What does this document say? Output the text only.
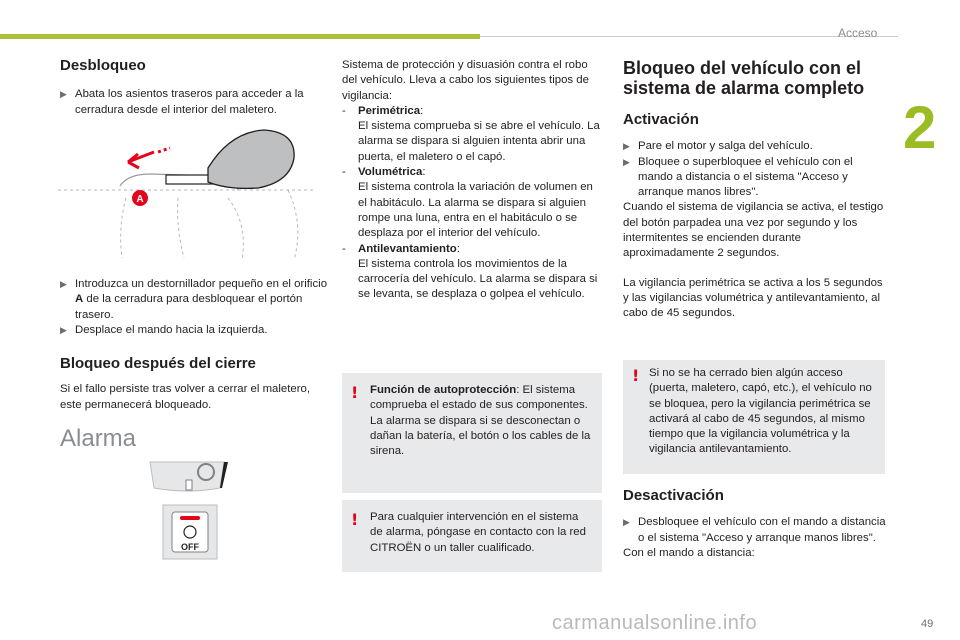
Acceso
2
Desbloqueo
▶ Abata los asientos traseros para acceder a la cerradura desde el interior del maletero.
A
▶ Introduzca un destornillador pequeño en el orificio A de la cerradura para desbloquear el portón trasero.
▶ Desplace el mando hacia la izquierda.
Bloqueo después del cierre

Si el fallo persiste tras volver a cerrar el maletero, este permanecerá bloqueado.

Alarma

OFF

Sistema de protección y disuasión contra el robo del vehículo. Lleva a cabo los siguientes tipos de vigilancia:

- Perimétrica:
El sistema comprueba si se abre el vehículo. La alarma se dispara si alguien intenta abrir una puerta, el maletero o el capó.
- Volumétrica:
El sistema controla la variación de volumen en el habitáculo. La alarma se dispara si alguien rompe una luna, entra en el habitáculo o se desplaza por el interior del vehículo.
- Antilevantamiento:
El sistema controla los movimientos de la carrocería del vehículo. La alarma se dispara si se levanta, se desplaza o golpea el vehículo.
! Función de autoprotección: El sistema comprueba el estado de sus componentes. La alarma se dispara si se desconectan o dañan la batería, el botón o los cables de la sirena.
! Para cualquier intervención en el sistema de alarma, póngase en contacto con la red CITROËN o un taller cualificado.

Bloqueo del vehículo con el sistema de alarma completo

Activación
▶ Pare el motor y salga del vehículo.
▶ Bloquee o superbloquee el vehículo con el mando a distancia o el sistema "Acceso y arranque manos libres".

Cuando el sistema de vigilancia se activa, el testigo del botón parpadea una vez por segundo y los intermitentes se encienden durante aproximadamente 2 segundos.

La vigilancia perimétrica se activa a los 5 segundos y las vigilancias volumétrica y antilevantamiento, al cabo de 45 segundos.

! Si no se ha cerrado bien algún acceso (puerta, maletero, capó, etc.), el vehículo no se bloquea, pero la vigilancia perimétrica se activará al cabo de 45 segundos, al mismo tiempo que la vigilancia volumétrica y la vigilancia antilevantamiento.
Desactivación
▶ Desbloquee el vehículo con el mando a distancia o el sistema "Acceso y arranque manos libres".

Con el mando a distancia:

carmanualsonline.info	49
